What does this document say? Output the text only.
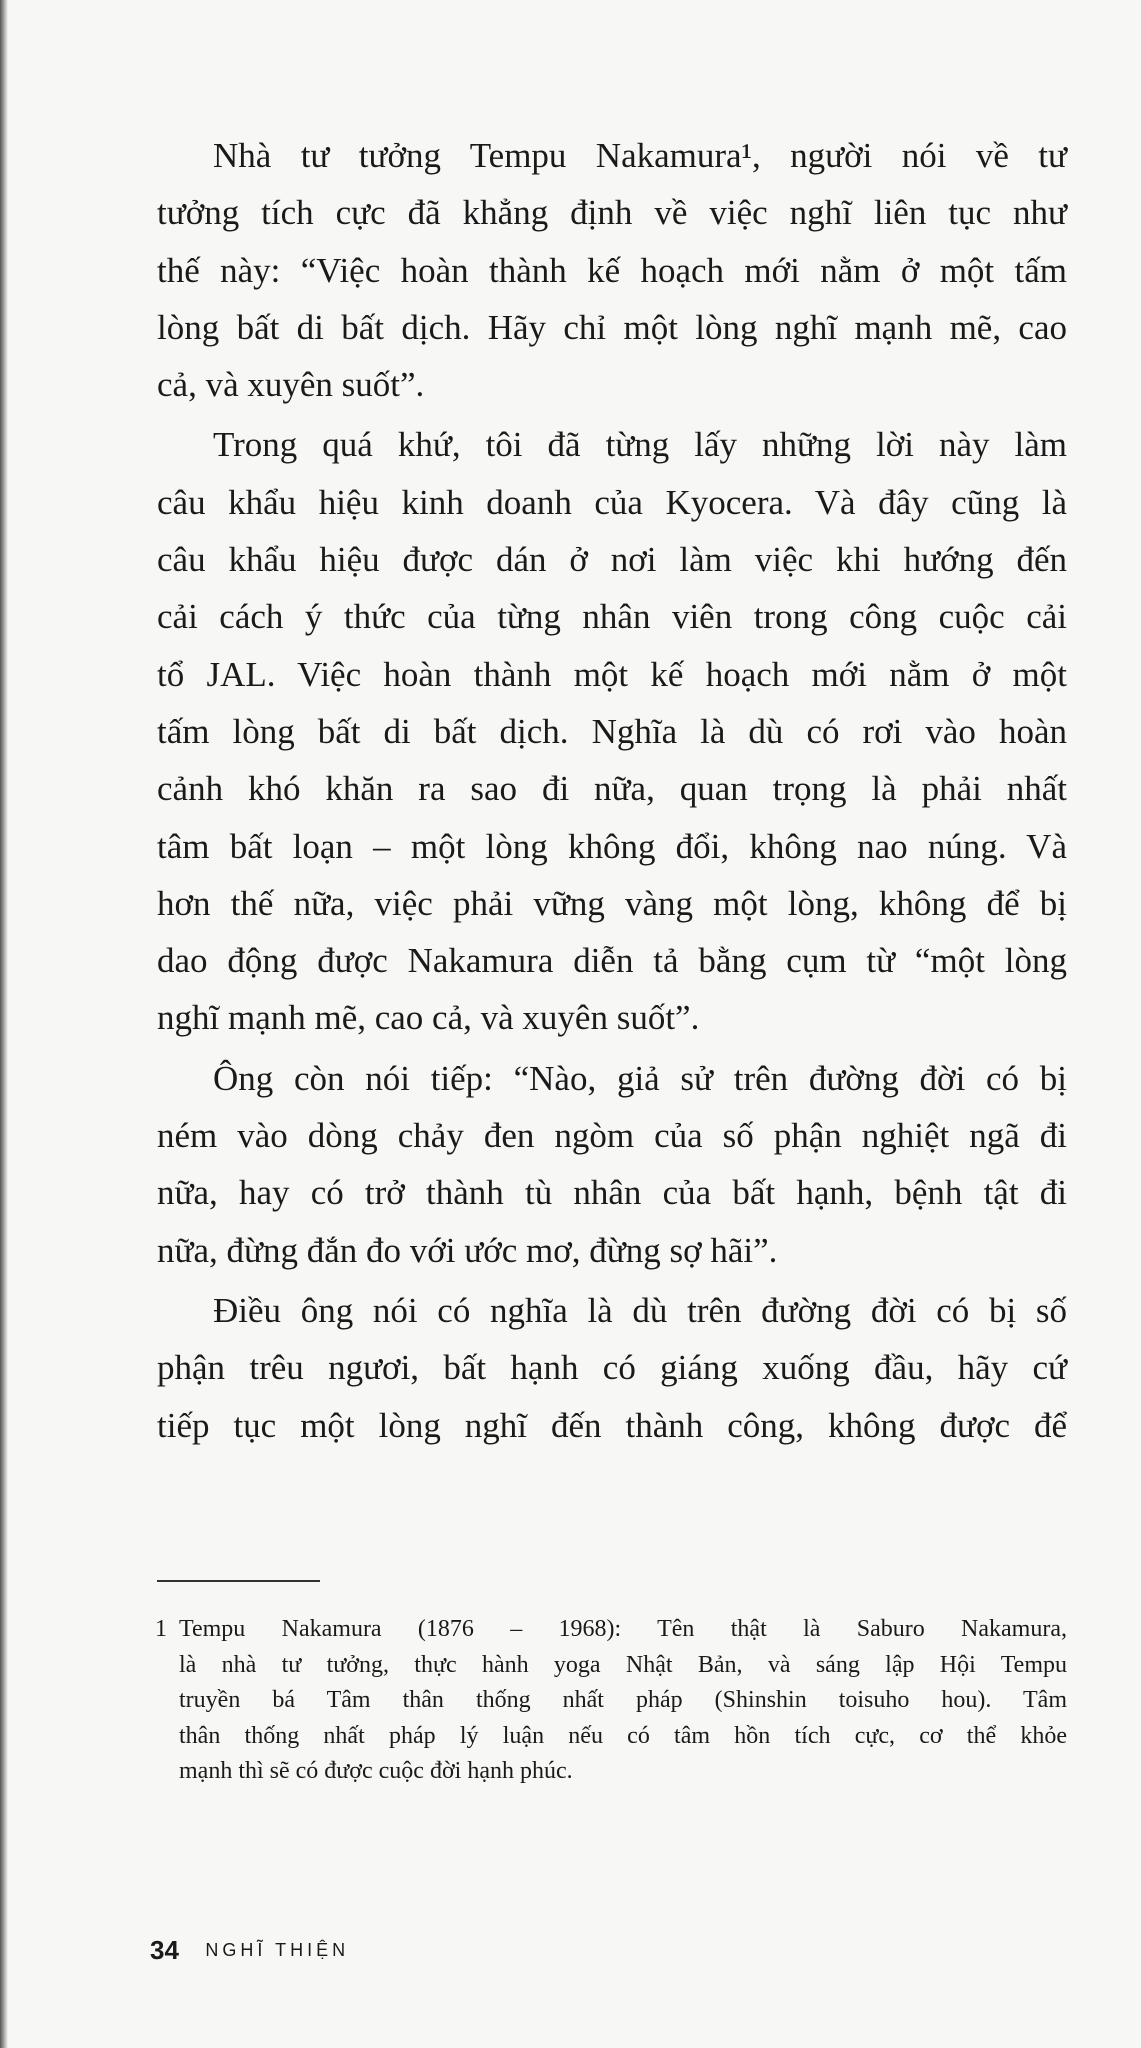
Nhà tư tưởng Tempu Nakamura¹, người nói về tư
tưởng tích cực đã khẳng định về việc nghĩ liên tục như
thế này: “Việc hoàn thành kế hoạch mới nằm ở một tấm
lòng bất di bất dịch. Hãy chỉ một lòng nghĩ mạnh mẽ, cao
cả, và xuyên suốt”.
Trong quá khứ, tôi đã từng lấy những lời này làm
câu khẩu hiệu kinh doanh của Kyocera. Và đây cũng là
câu khẩu hiệu được dán ở nơi làm việc khi hướng đến
cải cách ý thức của từng nhân viên trong công cuộc cải
tổ JAL. Việc hoàn thành một kế hoạch mới nằm ở một
tấm lòng bất di bất dịch. Nghĩa là dù có rơi vào hoàn
cảnh khó khăn ra sao đi nữa, quan trọng là phải nhất
tâm bất loạn – một lòng không đổi, không nao núng. Và
hơn thế nữa, việc phải vững vàng một lòng, không để bị
dao động được Nakamura diễn tả bằng cụm từ “một lòng
nghĩ mạnh mẽ, cao cả, và xuyên suốt”.
Ông còn nói tiếp: “Nào, giả sử trên đường đời có bị
ném vào dòng chảy đen ngòm của số phận nghiệt ngã đi
nữa, hay có trở thành tù nhân của bất hạnh, bệnh tật đi
nữa, đừng đắn đo với ước mơ, đừng sợ hãi”.
Điều ông nói có nghĩa là dù trên đường đời có bị số
phận trêu ngươi, bất hạnh có giáng xuống đầu, hãy cứ
tiếp tục một lòng nghĩ đến thành công, không được để
1 Tempu Nakamura (1876 – 1968): Tên thật là Saburo Nakamura,
là nhà tư tưởng, thực hành yoga Nhật Bản, và sáng lập Hội Tempu
truyền bá Tâm thân thống nhất pháp (Shinshin toisuho hou). Tâm
thân thống nhất pháp lý luận nếu có tâm hồn tích cực, cơ thể khỏe
mạnh thì sẽ có được cuộc đời hạnh phúc.
34 NGHĨ THIỆN
